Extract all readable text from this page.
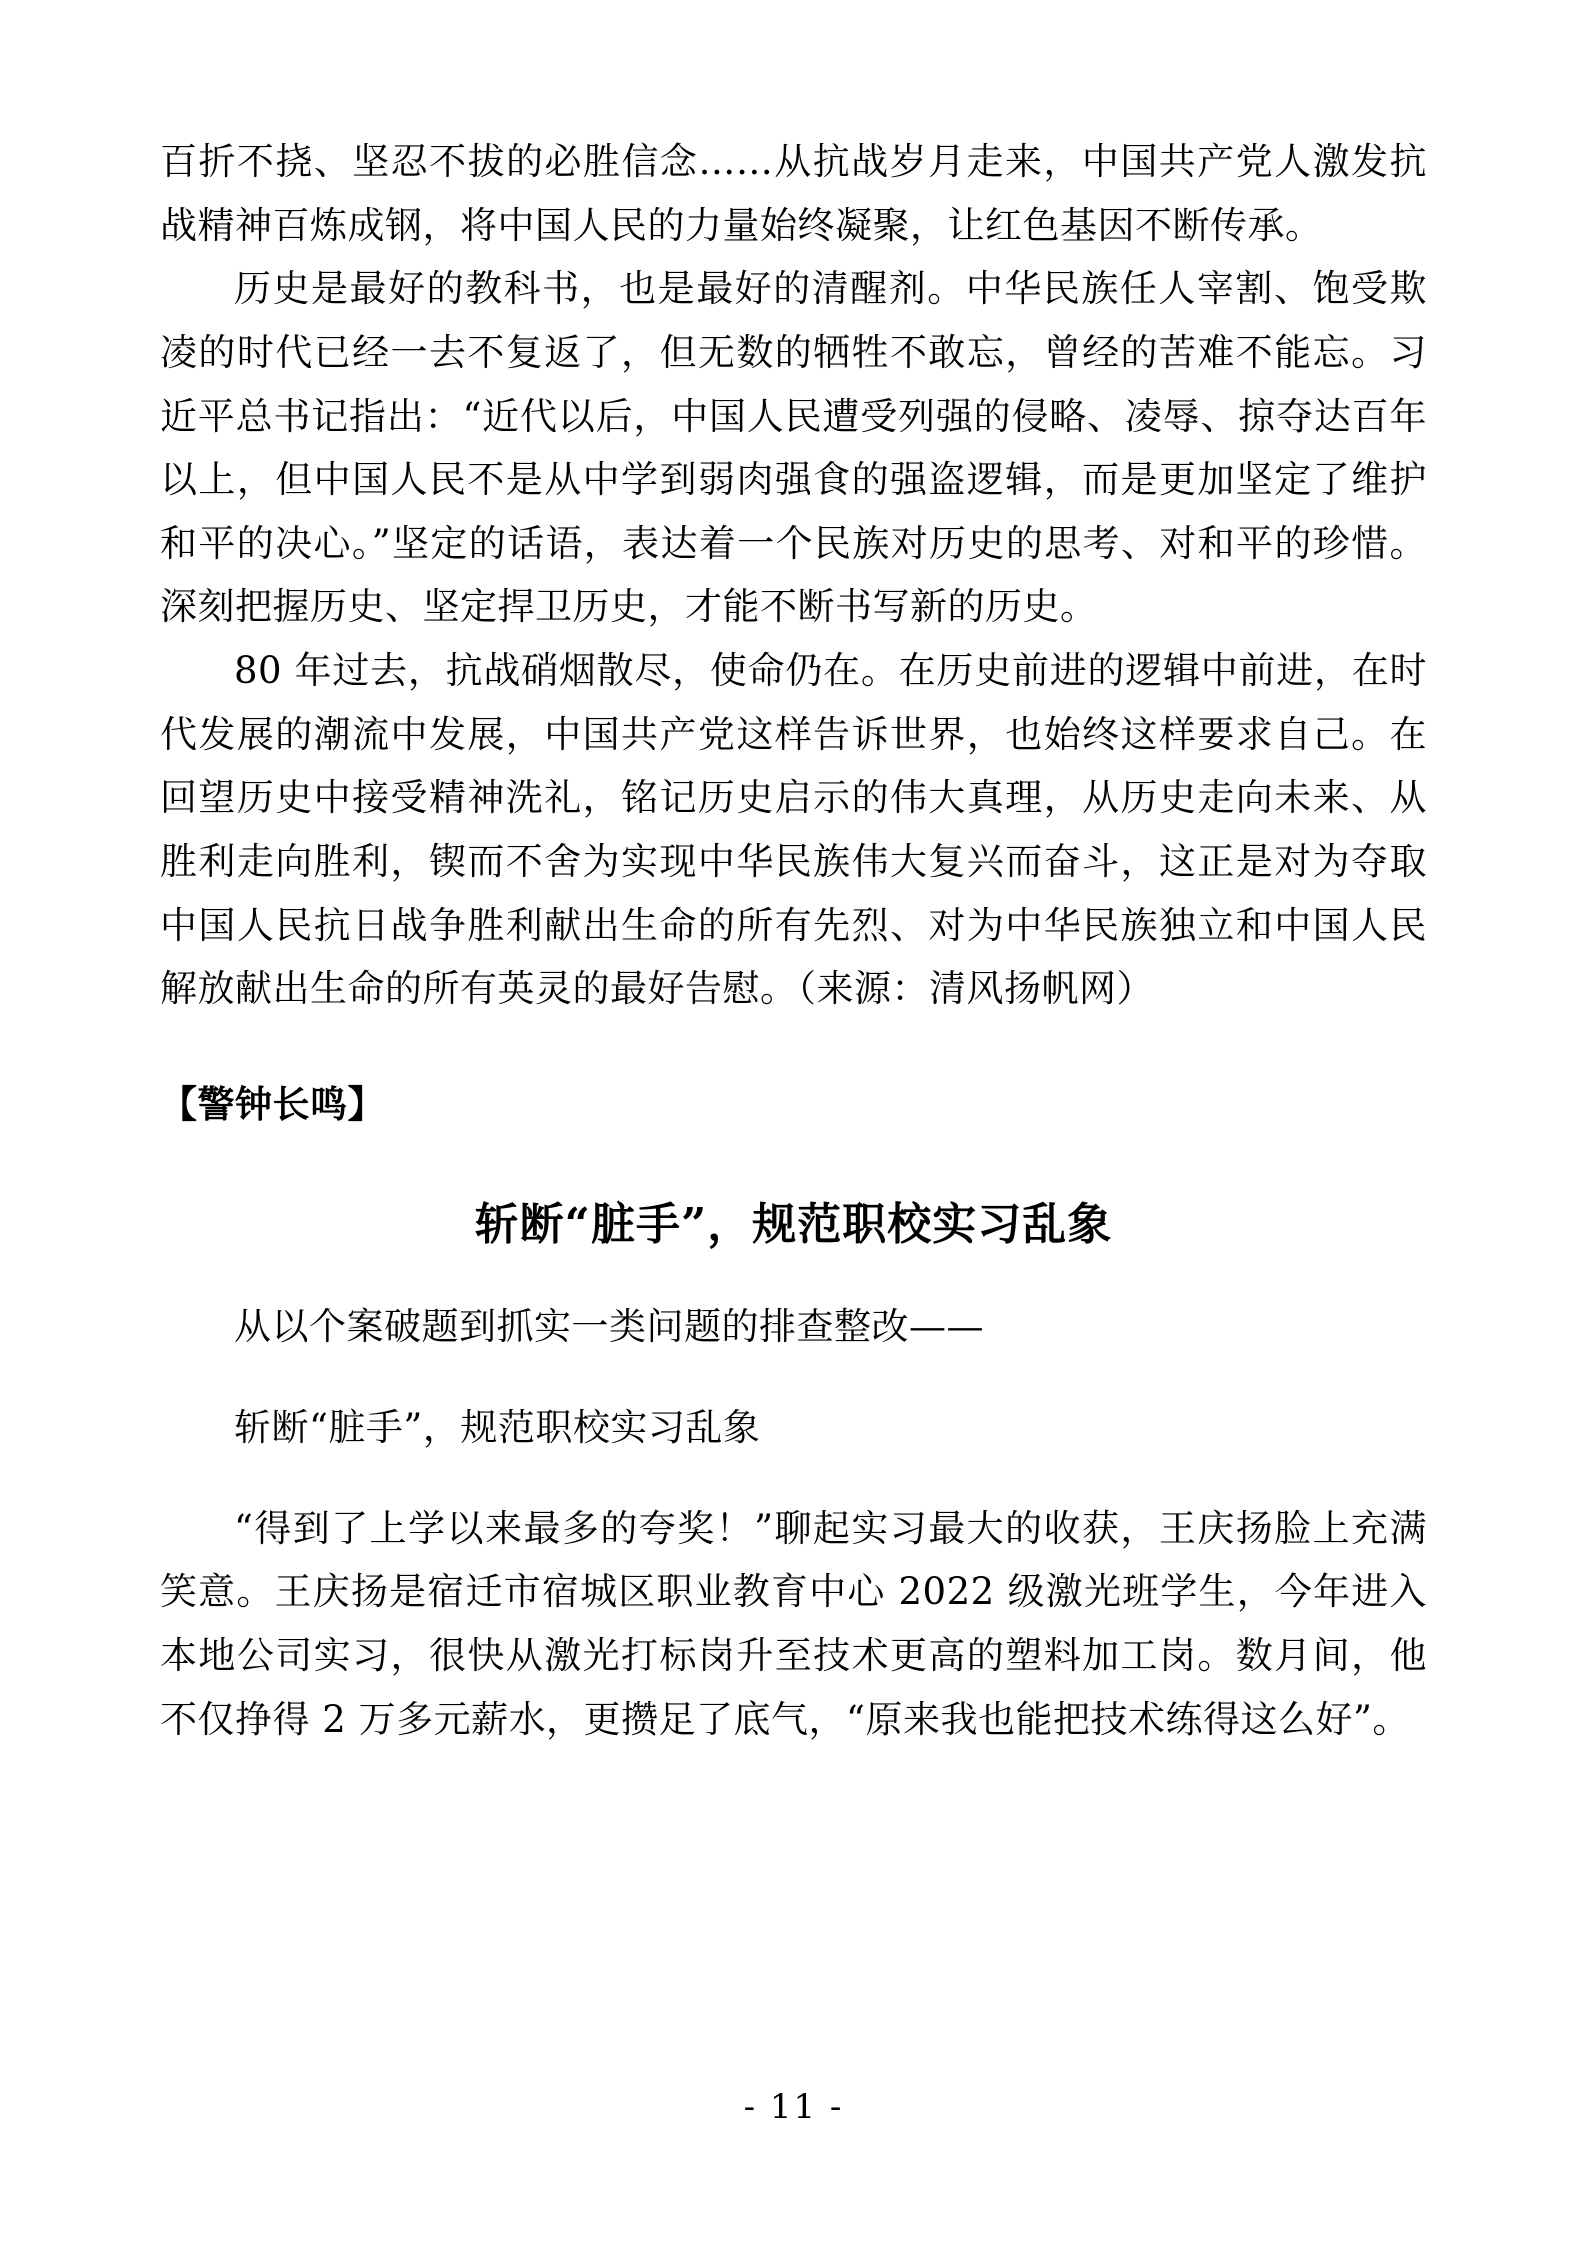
百折不挠、坚忍不拔的必胜信念……从抗战岁月走来，中国共产党人激发抗战精神百炼成钢，将中国人民的力量始终凝聚，让红色基因不断传承。

历史是最好的教科书，也是最好的清醒剂。中华民族任人宰割、饱受欺凌的时代已经一去不复返了，但无数的牺牲不敢忘，曾经的苦难不能忘。习近平总书记指出：“近代以后，中国人民遭受列强的侵略、凌辱、掠夺达百年以上，但中国人民不是从中学到弱肉强食的强盗逻辑，而是更加坚定了维护和平的决心。”坚定的话语，表达着一个民族对历史的思考、对和平的珍惜。深刻把握历史、坚定捍卫历史，才能不断书写新的历史。

80 年过去，抗战硝烟散尽，使命仍在。在历史前进的逻辑中前进，在时代发展的潮流中发展，中国共产党这样告诉世界，也始终这样要求自己。在回望历史中接受精神洗礼，铭记历史启示的伟大真理，从历史走向未来、从胜利走向胜利，锲而不舍为实现中华民族伟大复兴而奋斗，这正是对为夺取中国人民抗日战争胜利献出生命的所有先烈、对为中华民族独立和中国人民解放献出生命的所有英灵的最好告慰。（来源：清风扬帆网）

【警钟长鸣】

斩断“脏手”，规范职校实习乱象

从以个案破题到抓实一类问题的排查整改——

斩断“脏手”，规范职校实习乱象

“得到了上学以来最多的夸奖！”聊起实习最大的收获，王庆扬脸上充满笑意。王庆扬是宿迁市宿城区职业教育中心 2022 级激光班学生，今年进入本地公司实习，很快从激光打标岗升至技术更高的塑料加工岗。数月间，他不仅挣得 2 万多元薪水，更攒足了底气，“原来我也能把技术练得这么好”。

- 11 -
